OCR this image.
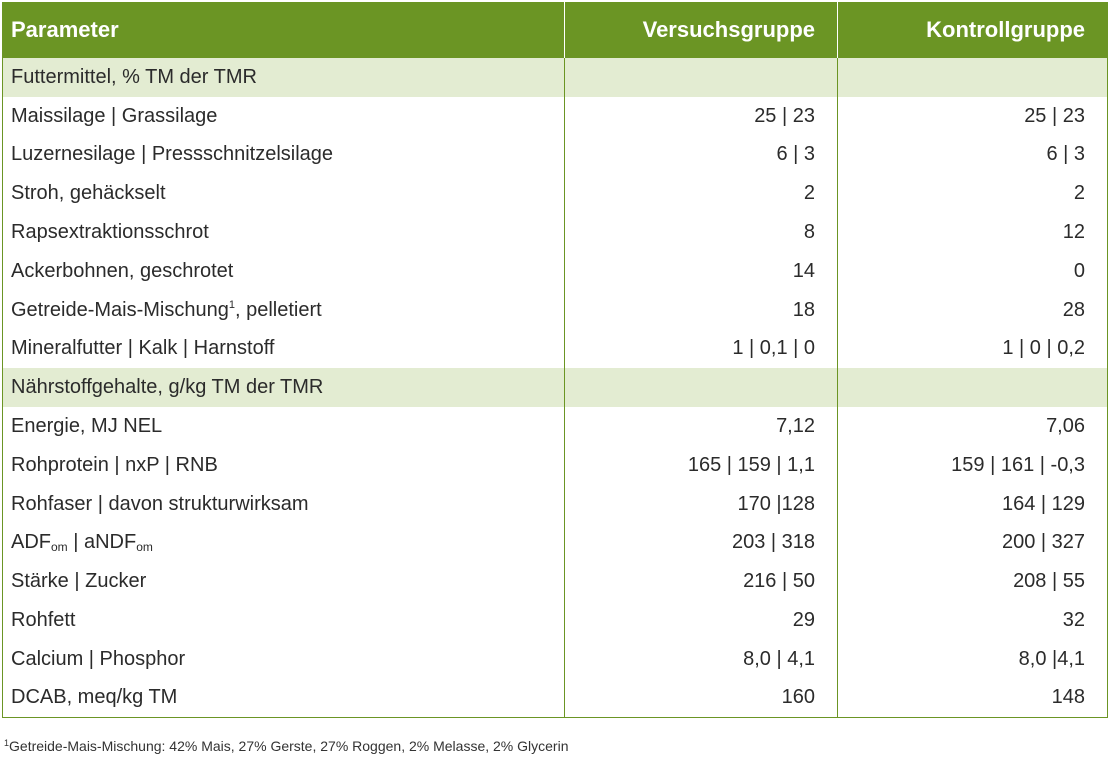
Parameter	Versuchsgruppe	Kontrollgruppe
Futtermittel, % TM der TMR		
Maissilage | Grassilage	25 | 23	25 | 23
Luzernesilage | Pressschnitzelsilage	6 | 3	6 | 3
Stroh, gehäckselt	2	2
Rapsextraktionsschrot	8	12
Ackerbohnen, geschrotet	14	0
Getreide-Mais-Mischung$^1$, pelletiert	18	28
Mineralfutter | Kalk | Harnstoff	1 | 0,1 | 0	1 | 0 | 0,2
Nährstoffgehalte, g/kg TM der TMR		
Energie, MJ NEL	7,12	7,06
Rohprotein | nxP | RNB	165 | 159 | 1,1	159 | 161 | -0,3
Rohfaser | davon strukturwirksam	170 |128	164 | 129
$ADF_{om}$ | aNDF$_{om}$	203 | 318	200 | 327
Stärke | Zucker	216 | 50	208 | 55
Rohfett	29	32
Calcium | Phosphor	8,0 | 4,1	8,0 |4,1
DCAB, meq/kg TM	160	148
$^1$Getreide-Mais-Mischung: 42% Mais, 27% Gerste, 27% Roggen, 2% Melasse, 2% Glycerin
